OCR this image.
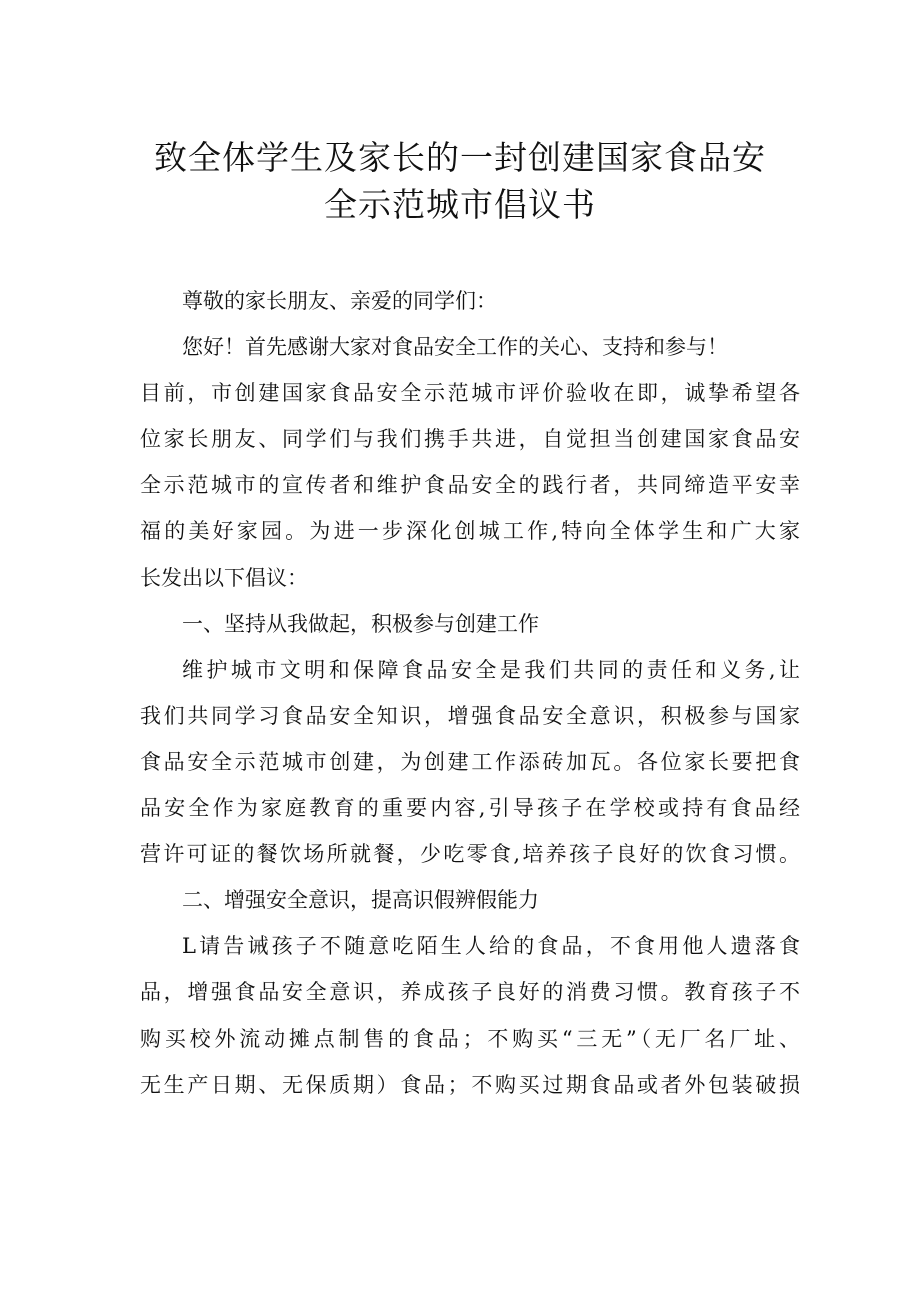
致全体学生及家长的一封创建国家食品安
全示范城市倡议书
尊敬的家长朋友、亲爱的同学们：
您好！首先感谢大家对食品安全工作的关心、支持和参与！
目前，市创建国家食品安全示范城市评价验收在即，诚挚希望各
位家长朋友、同学们与我们携手共进，自觉担当创建国家食品安
全示范城市的宣传者和维护食品安全的践行者，共同缔造平安幸
福的美好家园。为进一步深化创城工作,特向全体学生和广大家
长发出以下倡议：
一、坚持从我做起，积极参与创建工作
维护城市文明和保障食品安全是我们共同的责任和义务,让
我们共同学习食品安全知识，增强食品安全意识，积极参与国家
食品安全示范城市创建，为创建工作添砖加瓦。各位家长要把食
品安全作为家庭教育的重要内容,引导孩子在学校或持有食品经
营许可证的餐饮场所就餐，少吃零食,培养孩子良好的饮食习惯。
二、增强安全意识，提高识假辨假能力
L请告诫孩子不随意吃陌生人给的食品，不食用他人遗落食
品，增强食品安全意识，养成孩子良好的消费习惯。教育孩子不
购买校外流动摊点制售的食品；不购买“三无”（无厂名厂址、
无生产日期、无保质期）食品；不购买过期食品或者外包装破损
